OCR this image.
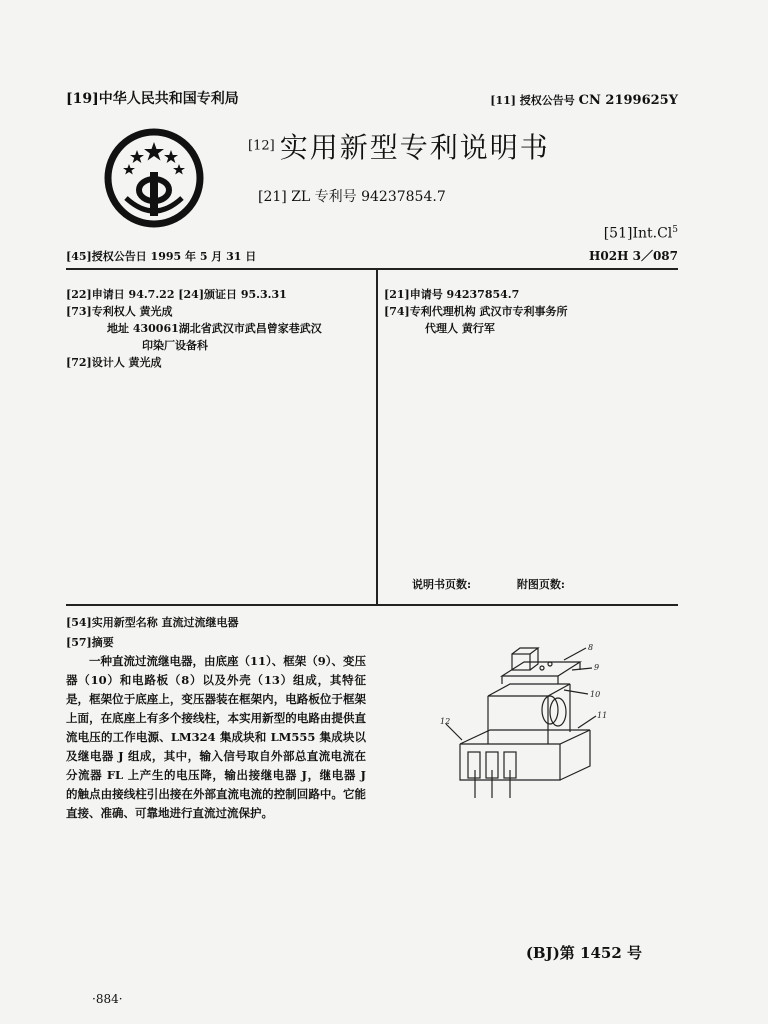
[19]中华人民共和国专利局	[11] 授权公告号 CN 2199625Y
[12] 实用新型专利说明书
[21] ZL 专利号 94237854.7
[51]Int.Cl$^5$
[45]授权公告日 1995 年 5 月 31 日	H02H 3／087
[22]申请日 94.7.22 [24]颁证日 95.3.31
[73]专利权人 黄光成
地址 430061湖北省武汉市武昌曾家巷武汉
印染厂设备科
[72]设计人 黄光成
[21]申请号 94237854.7
[74]专利代理机构 武汉市专利事务所
代理人 黄行军
说明书页数:	附图页数:
[54]实用新型名称 直流过流继电器
[57]摘要
一种直流过流继电器，由底座（11）、框架（9）、变压器（10）和电路板（8）以及外壳（13）组成，其特征是，框架位于底座上，变压器装在框架内，电路板位于框架上面，在底座上有多个接线柱，本实用新型的电路由提供直流电压的工作电源、LM324 集成块和 LM555 集成块以及继电器 J 组成，其中，输入信号取自外部总直流电流在分流器 FL 上产生的电压降，输出接继电器 J，继电器 J 的触点由接线柱引出接在外部直流电流的控制回路中。它能直接、准确、可靠地进行直流过流保护。
8
9
10
11
12
(BJ)第 1452 号
·884·
